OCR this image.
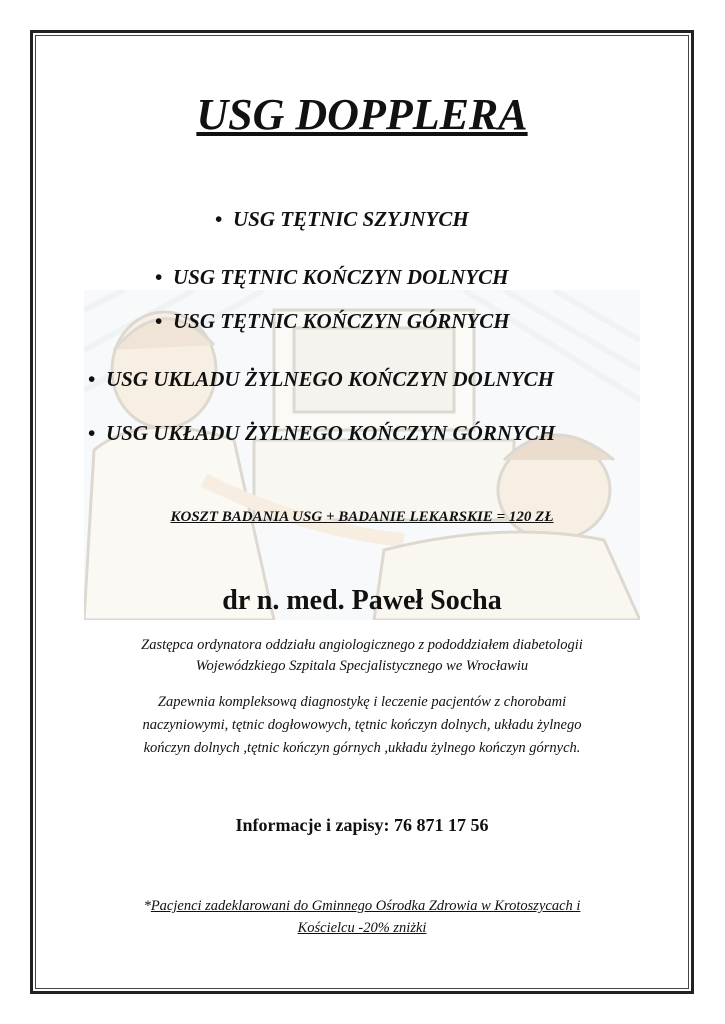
USG DOPPLERA
• USG TĘTNIC SZYJNYCH
• USG TĘTNIC KOŃCZYN DOLNYCH
• USG TĘTNIC KOŃCZYN GÓRNYCH
• USG UKLADU ŻYLNEGO KOŃCZYN DOLNYCH
• USG UKŁADU ŻYLNEGO KOŃCZYN GÓRNYCH
KOSZT BADANIA USG + BADANIE LEKARSKIE = 120 ZŁ
dr n. med. Paweł Socha
Zastępca ordynatora oddziału angiologicznego z pododdziałem diabetologii
Wojewódzkiego Szpitala Specjalistycznego we Wrocławiu
Zapewnia kompleksową diagnostykę i leczenie pacjentów z chorobami
naczyniowymi, tętnic dogłowowych, tętnic kończyn dolnych, układu żylnego
kończyn dolnych ,tętnic kończyn górnych ,układu żylnego kończyn górnych.
Informacje i zapisy: 76 871 17 56
*Pacjenci zadeklarowani do Gminnego Ośrodka Zdrowia w Krotoszycach i
Kościelcu -20% zniżki
